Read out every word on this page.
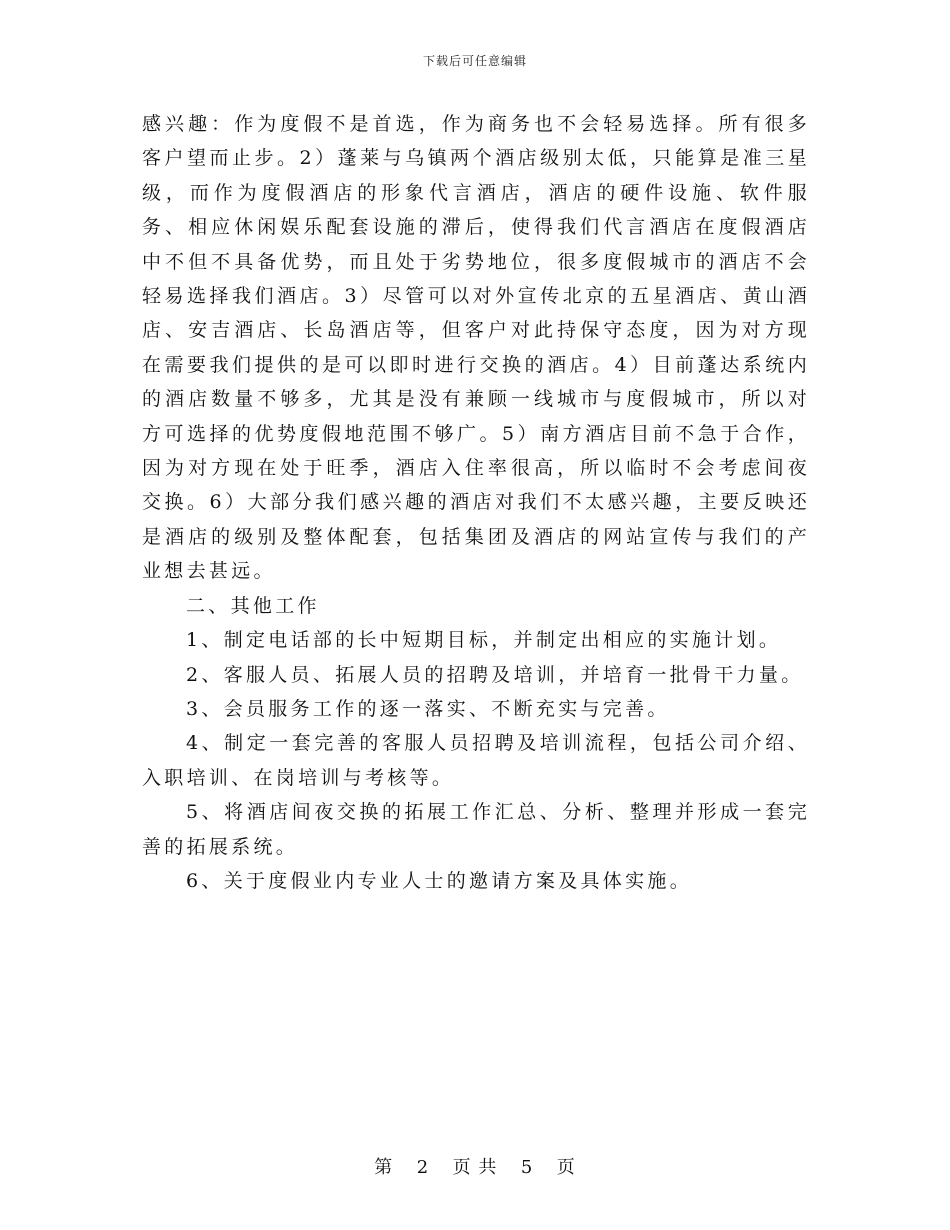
下载后可任意编辑

感兴趣：作为度假不是首选，作为商务也不会轻易选择。所有很多客户望而止步。2）蓬莱与乌镇两个酒店级别太低，只能算是准三星级，而作为度假酒店的形象代言酒店，酒店的硬件设施、软件服务、相应休闲娱乐配套设施的滞后，使得我们代言酒店在度假酒店中不但不具备优势，而且处于劣势地位，很多度假城市的酒店不会轻易选择我们酒店。3）尽管可以对外宣传北京的五星酒店、黄山酒店、安吉酒店、长岛酒店等，但客户对此持保守态度，因为对方现在需要我们提供的是可以即时进行交换的酒店。4）目前蓬达系统内的酒店数量不够多，尤其是没有兼顾一线城市与度假城市，所以对方可选择的优势度假地范围不够广。5）南方酒店目前不急于合作，因为对方现在处于旺季，酒店入住率很高，所以临时不会考虑间夜交换。6）大部分我们感兴趣的酒店对我们不太感兴趣，主要反映还是酒店的级别及整体配套，包括集团及酒店的网站宣传与我们的产业想去甚远。

二、其他工作

1、制定电话部的长中短期目标，并制定出相应的实施计划。

2、客服人员、拓展人员的招聘及培训，并培育一批骨干力量。

3、会员服务工作的逐一落实、不断充实与完善。

4、制定一套完善的客服人员招聘及培训流程，包括公司介绍、入职培训、在岗培训与考核等。

5、将酒店间夜交换的拓展工作汇总、分析、整理并形成一套完善的拓展系统。

6、关于度假业内专业人士的邀请方案及具体实施。

第 2 页 共 5 页
